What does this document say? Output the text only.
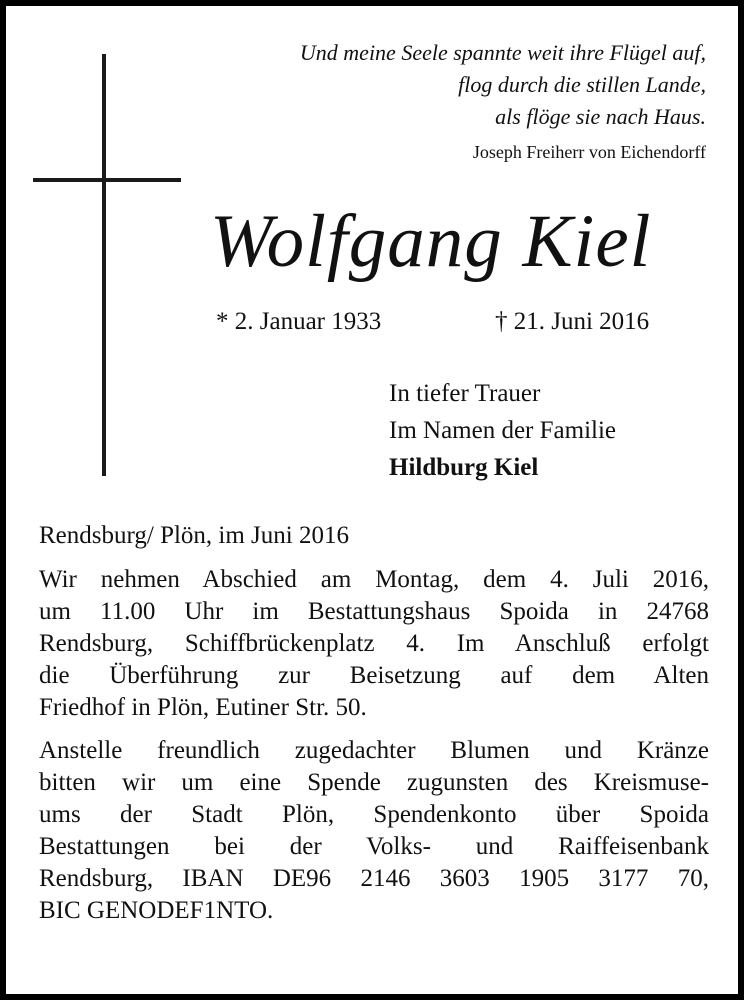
Und meine Seele spannte weit ihre Flügel auf,
flog durch die stillen Lande,
als flöge sie nach Haus.
Joseph Freiherr von Eichendorff
Wolfgang Kiel
* 2. Januar 1933	† 21. Juni 2016
In tiefer Trauer
Im Namen der Familie
Hildburg Kiel
Rendsburg/ Plön, im Juni 2016
Wir nehmen Abschied am Montag, dem 4. Juli 2016,
um 11.00 Uhr im Bestattungshaus Spoida in 24768
Rendsburg, Schiffbrückenplatz 4. Im Anschluß erfolgt
die Überführung zur Beisetzung auf dem Alten
Friedhof in Plön, Eutiner Str. 50.
Anstelle freundlich zugedachter Blumen und Kränze
bitten wir um eine Spende zugunsten des Kreismuse-
ums der Stadt Plön, Spendenkonto über Spoida
Bestattungen bei der Volks- und Raiffeisenbank
Rendsburg, IBAN DE96 2146 3603 1905 3177 70,
BIC GENODEF1NTO.
